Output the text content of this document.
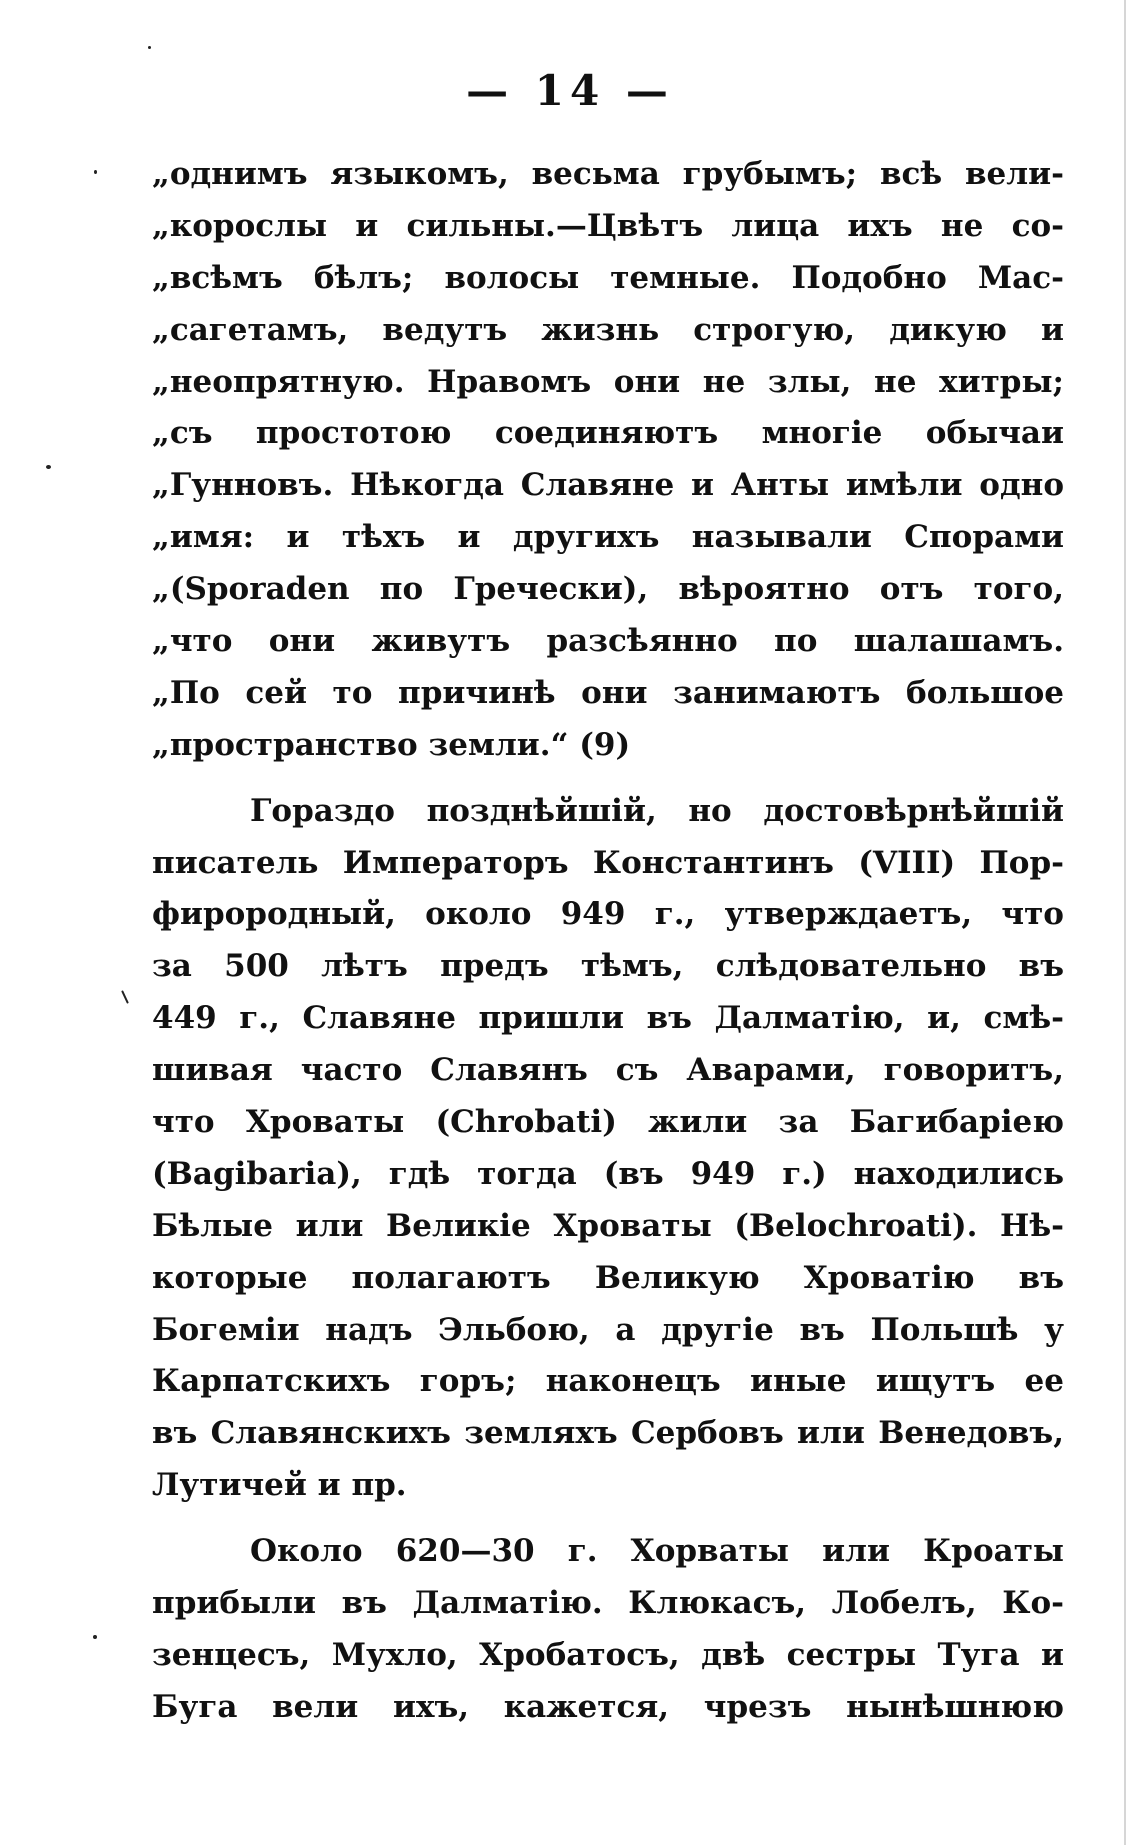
— 14 —
„однимъ языкомъ, весьма грубымъ; всѣ вели-
„корослы и сильны.—Цвѣтъ лица ихъ не со-
„всѣмъ бѣлъ; волосы темные. Подобно Мас-
„сагетамъ, ведутъ жизнь строгую, дикую и
„неопрятную. Нравомъ они не злы, не хитры;
„съ простотою соединяютъ многіе обычаи
„Гунновъ. Нѣкогда Славяне и Анты имѣли одно
„имя: и тѣхъ и другихъ называли Спорами
„(Sporaden по Гречески), вѣроятно отъ того,
„что они живутъ разсѣянно по шалашамъ.
„По сей то причинѣ они занимаютъ большое
„пространство земли.“ (9)
Гораздо позднѣйшій, но достовѣрнѣйшій
писатель Императоръ Константинъ (VIII) Пор-
фирородный, около 949 г., утверждаетъ, что
за 500 лѣтъ предъ тѣмъ, слѣдовательно въ
449 г., Славяне пришли въ Далматію, и, смѣ-
шивая часто Славянъ съ Аварами, говоритъ,
что Хроваты (Chrobati) жили за Багибаріею
(Bagibaria), гдѣ тогда (въ 949 г.) находились
Бѣлые или Великіе Хроваты (Belochroati). Нѣ-
которые полагаютъ Великую Хроватію въ
Богеміи надъ Эльбою, а другіе въ Польшѣ у
Карпатскихъ горъ; наконецъ иные ищутъ ее
въ Славянскихъ земляхъ Сербовъ или Венедовъ,
Лутичей и пр.
Около 620—30 г. Хорваты или Кроаты
прибыли въ Далматію. Клюкасъ, Лобелъ, Ко-
зенцесъ, Мухло, Хробатосъ, двѣ сестры Туга и
Буга вели ихъ, кажется, чрезъ нынѣшнюю
